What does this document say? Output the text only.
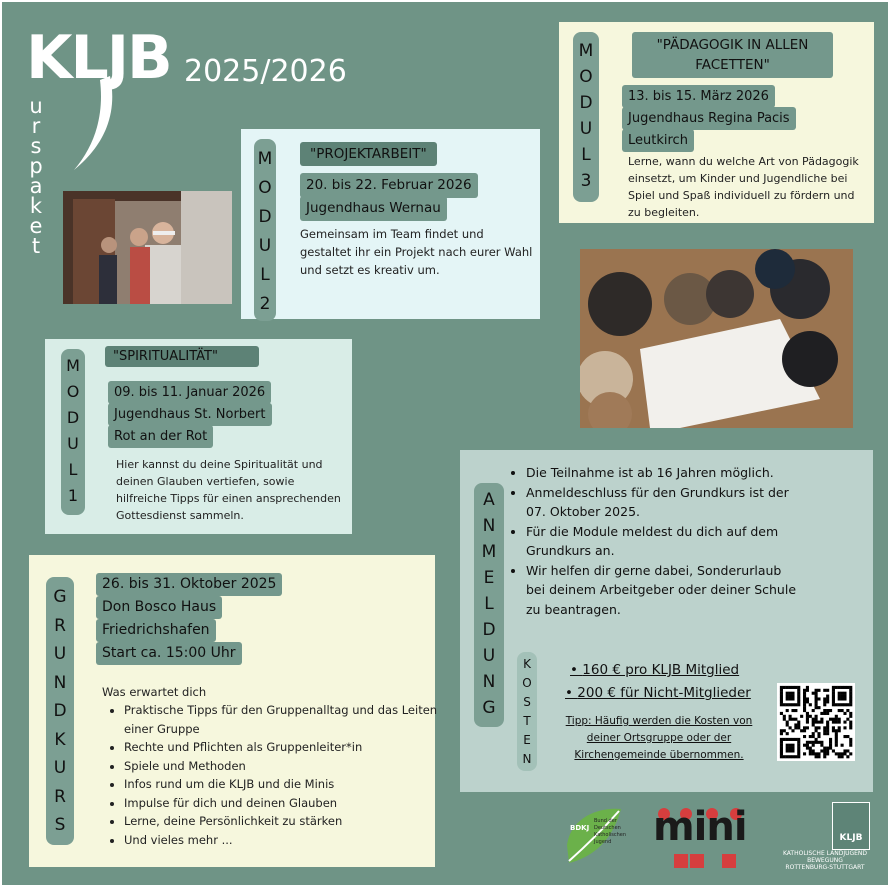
KLJB 2025/2026
u
r
s
p
a
k
e
t
M
O
D
U
L
2
"PROJEKTARBEIT"
20. bis 22. Februar 2026
Jugendhaus Wernau
Gemeinsam im Team findet und gestaltet ihr ein Projekt nach eurer Wahl und setzt es kreativ um.
M
O
D
U
L
3
"PÄDAGOGIK IN ALLEN
FACETTEN"
13. bis 15. März 2026
Jugendhaus Regina Pacis
Leutkirch
Lerne, wann du welche Art von Pädagogik einsetzt, um Kinder und Jugendliche bei Spiel und Spaß individuell zu fördern und zu begleiten.
M
O
D
U
L
1
"SPIRITUALITÄT"
09. bis 11. Januar 2026
Jugendhaus St. Norbert
Rot an der Rot
Hier kannst du deine Spiritualität und deinen Glauben vertiefen, sowie hilfreiche Tipps für einen ansprechenden Gottesdienst sammeln.
G
R
U
N
D
K
U
R
S
26. bis 31. Oktober 2025
Don Bosco Haus
Friedrichshafen
Start ca. 15:00 Uhr
Was erwartet dich
• Praktische Tipps für den Gruppenalltag und das Leiten einer Gruppe
• Rechte und Pflichten als Gruppenleiter*in
• Spiele und Methoden
• Infos rund um die KLJB und die Minis
• Impulse für dich und deinen Glauben
• Lerne, deine Persönlichkeit zu stärken
• Und vieles mehr ...
A
N
M
E
L
D
U
N
G
• Die Teilnahme ist ab 16 Jahren möglich.
• Anmeldeschluss für den Grundkurs ist der 07. Oktober 2025.
• Für die Module meldest du dich auf dem Grundkurs an.
• Wir helfen dir gerne dabei, Sonderurlaub bei deinem Arbeitgeber oder deiner Schule zu beantragen.
K
O
S
T
E
N
• 160 € pro KLJB Mitglied
• 200 € für Nicht-Mitglieder
Tipp: Häufig werden die Kosten von deiner Ortsgruppe oder der Kirchengemeinde übernommen.
BDKJ
Bund der Deutschen Katholischen Jugend	mini	KLJB
KATHOLISCHE LANDJUGEND
BEWEGUNG
ROTTENBURG-STUTTGART
